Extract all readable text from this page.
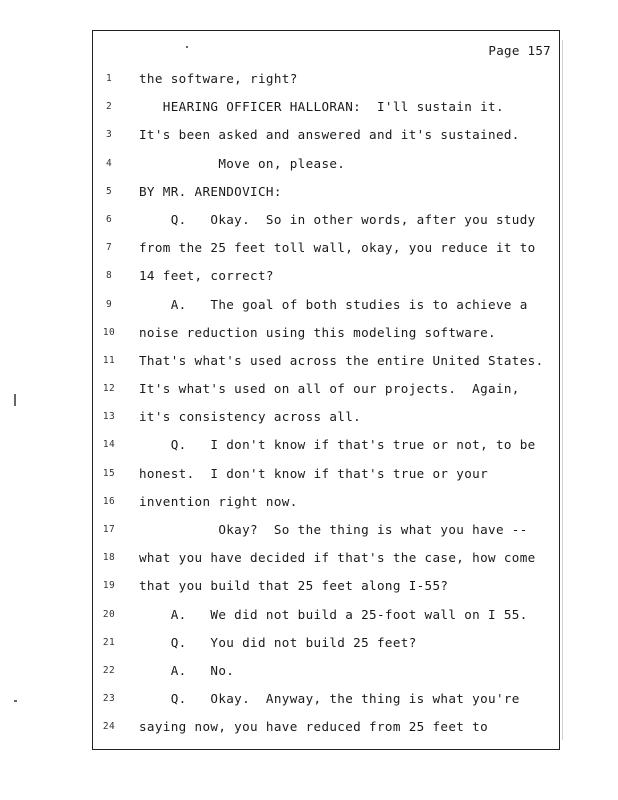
Page 157
1	the software, right?
2	HEARING OFFICER HALLORAN:  I'll sustain it.
3	It's been asked and answered and it's sustained.
4	Move on, please.
5	BY MR. ARENDOVICH:
6	Q.   Okay.  So in other words, after you study
7	from the 25 feet toll wall, okay, you reduce it to
8	14 feet, correct?
9	A.   The goal of both studies is to achieve a
10	noise reduction using this modeling software.
11	That's what's used across the entire United States.
12	It's what's used on all of our projects.  Again,
13	it's consistency across all.
14	Q.   I don't know if that's true or not, to be
15	honest.  I don't know if that's true or your
16	invention right now.
17	Okay?  So the thing is what you have --
18	what you have decided if that's the case, how come
19	that you build that 25 feet along I-55?
20	A.   We did not build a 25-foot wall on I 55.
21	Q.   You did not build 25 feet?
22	A.   No.
23	Q.   Okay.  Anyway, the thing is what you're
24	saying now, you have reduced from 25 feet to
